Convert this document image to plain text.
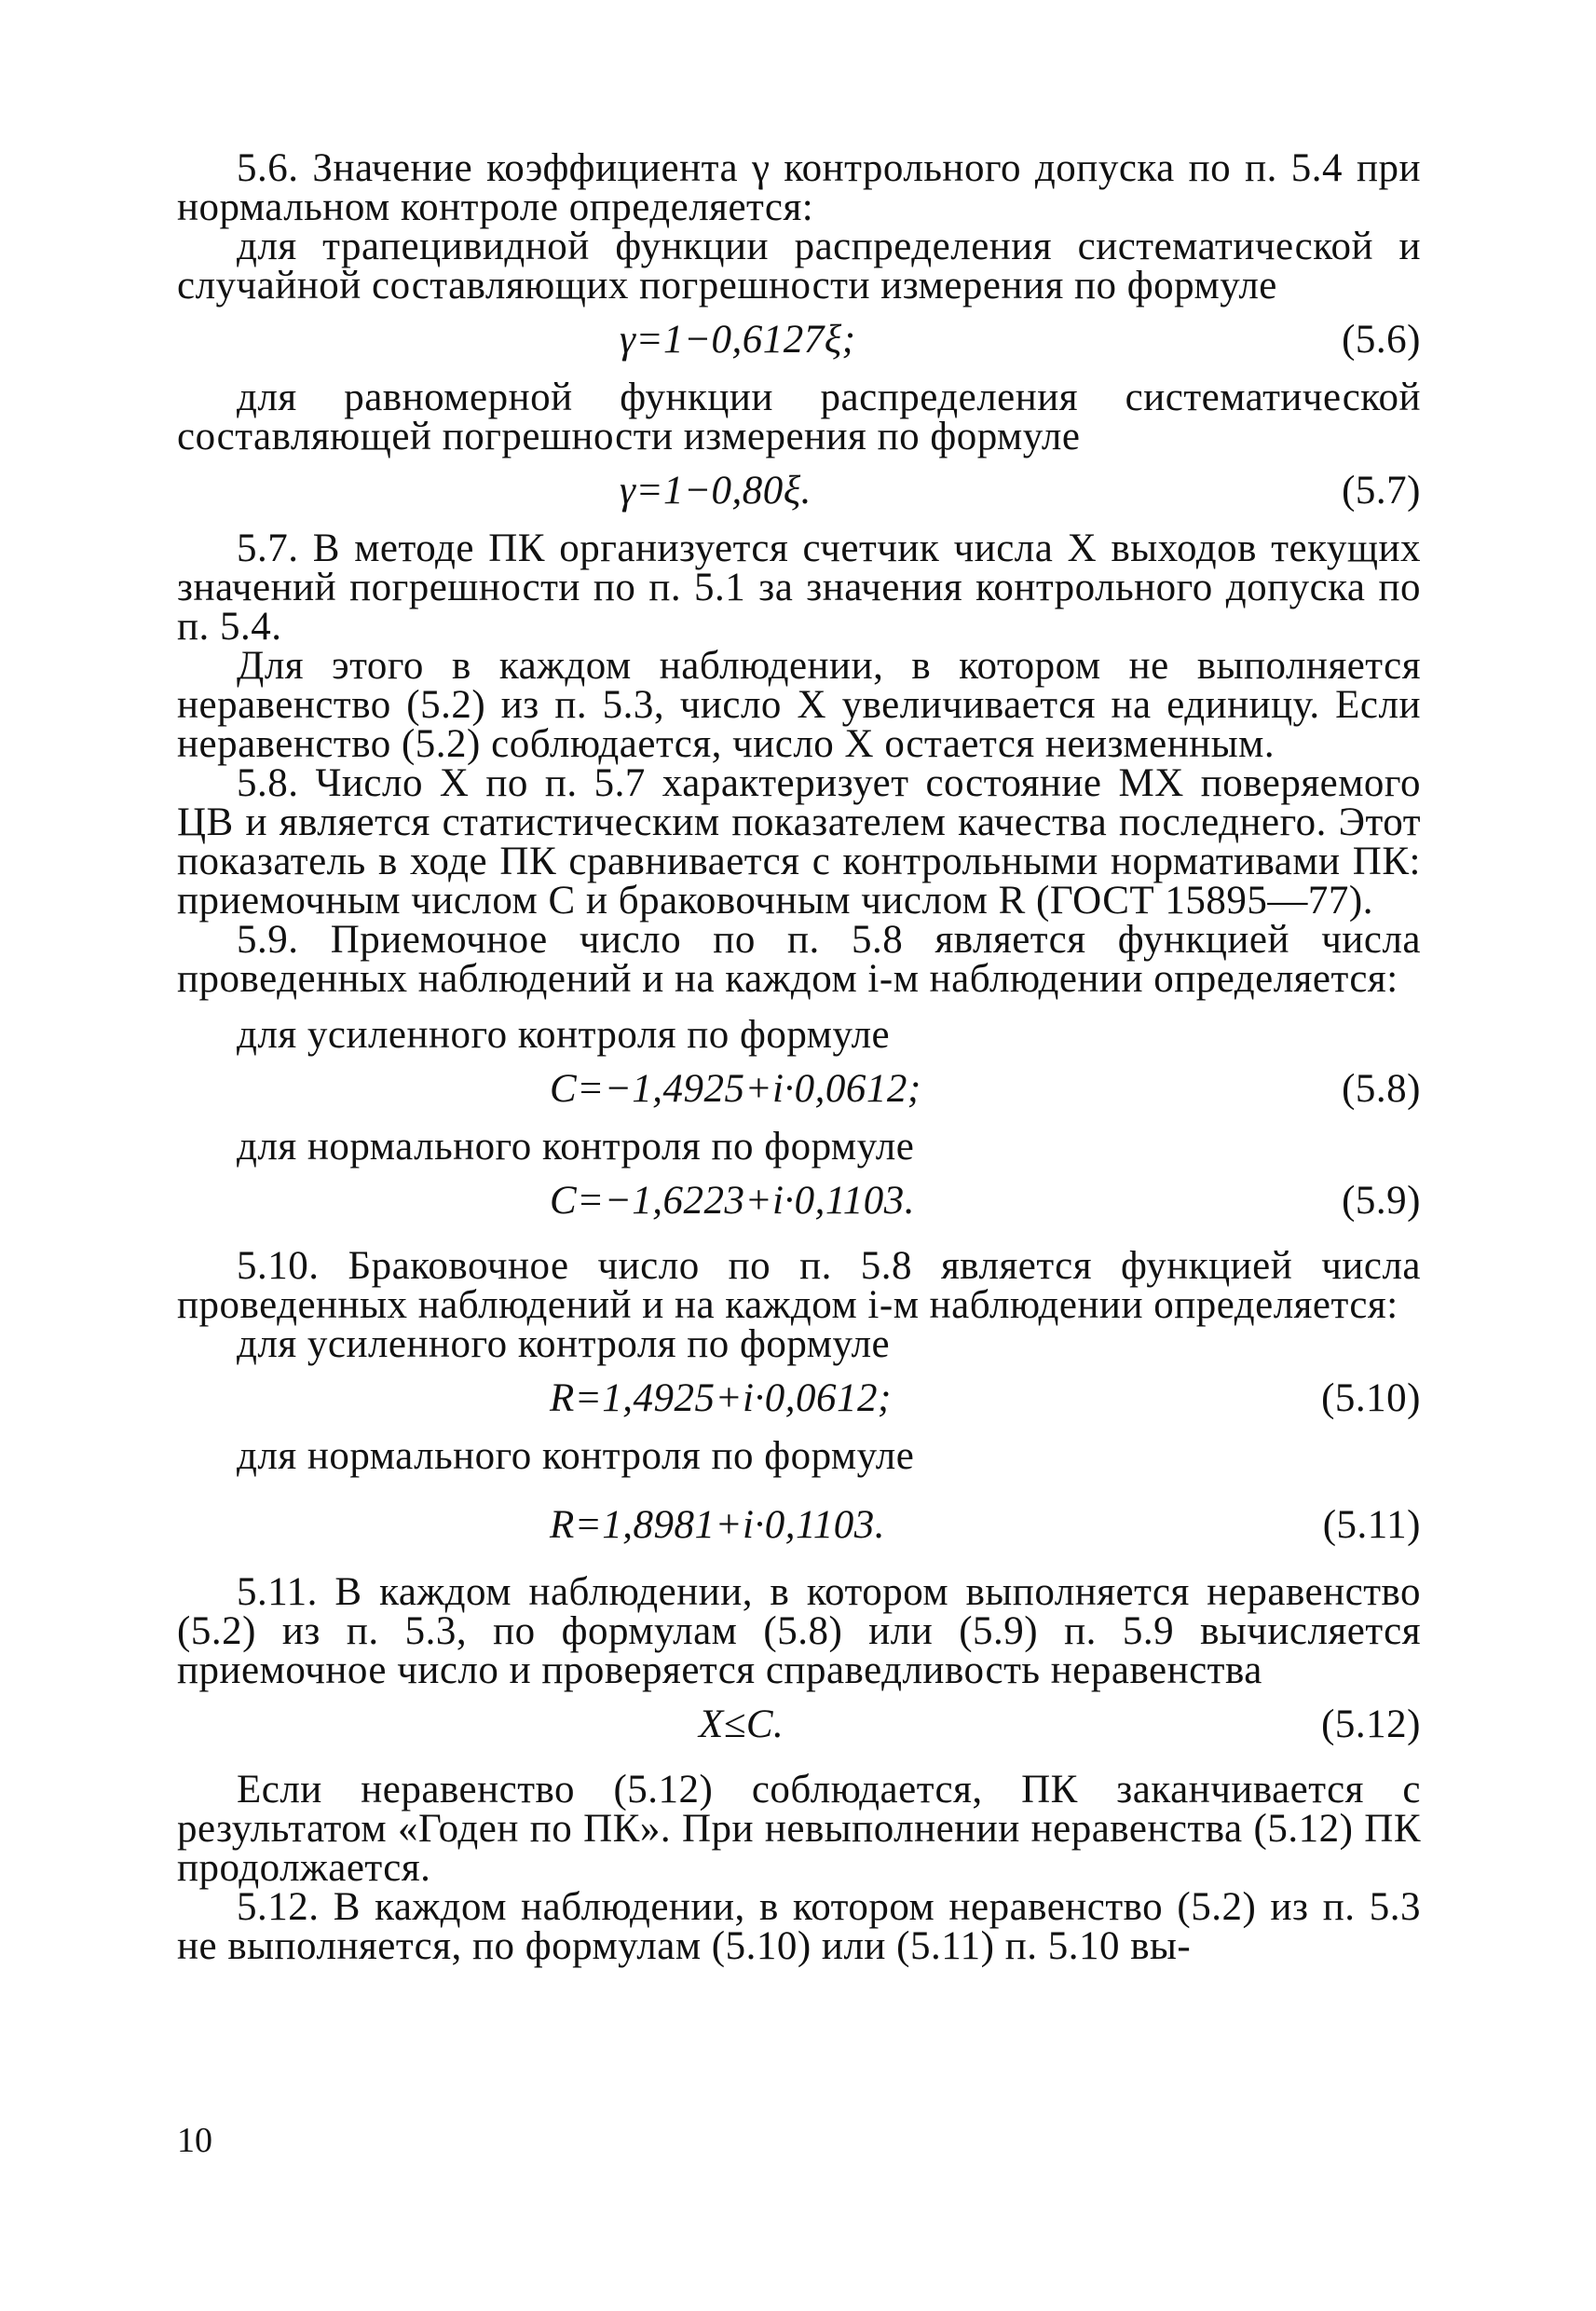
5.6. Значение коэффициента γ контрольного допуска по п. 5.4 при нормальном контроле определяется:

для трапецивидной функции распределения систематической и случайной составляющих погрешности измерения по формуле

γ=1−0,6127ξ;	(5.6)

для равномерной функции распределения систематической составляющей погрешности измерения по формуле

γ=1−0,80ξ.	(5.7)

5.7. В методе ПК организуется счетчик числа X выходов текущих значений погрешности по п. 5.1 за значения контрольного допуска по п. 5.4.

Для этого в каждом наблюдении, в котором не выполняется неравенство (5.2) из п. 5.3, число X увеличивается на единицу. Если неравенство (5.2) соблюдается, число X остается неизменным.

5.8. Число X по п. 5.7 характеризует состояние МХ поверяемого ЦВ и является статистическим показателем качества последнего. Этот показатель в ходе ПК сравнивается с контрольными нормативами ПК: приемочным числом C и браковочным числом R (ГОСТ 15895—77).

5.9. Приемочное число по п. 5.8 является функцией числа проведенных наблюдений и на каждом i-м наблюдении определяется:

для усиленного контроля по формуле

C=−1,4925+i·0,0612;	(5.8)

для нормального контроля по формуле

C=−1,6223+i·0,1103.	(5.9)

5.10. Браковочное число по п. 5.8 является функцией числа проведенных наблюдений и на каждом i-м наблюдении определяется:

для усиленного контроля по формуле

R=1,4925+i·0,0612;	(5.10)

для нормального контроля по формуле

R=1,8981+i·0,1103.	(5.11)

5.11. В каждом наблюдении, в котором выполняется неравенство (5.2) из п. 5.3, по формулам (5.8) или (5.9) п. 5.9 вычисляется приемочное число и проверяется справедливость неравенства

X≤C.	(5.12)

Если неравенство (5.12) соблюдается, ПК заканчивается с результатом «Годен по ПК». При невыполнении неравенства (5.12) ПК продолжается.

5.12. В каждом наблюдении, в котором неравенство (5.2) из п. 5.3 не выполняется, по формулам (5.10) или (5.11) п. 5.10 вы-

10
